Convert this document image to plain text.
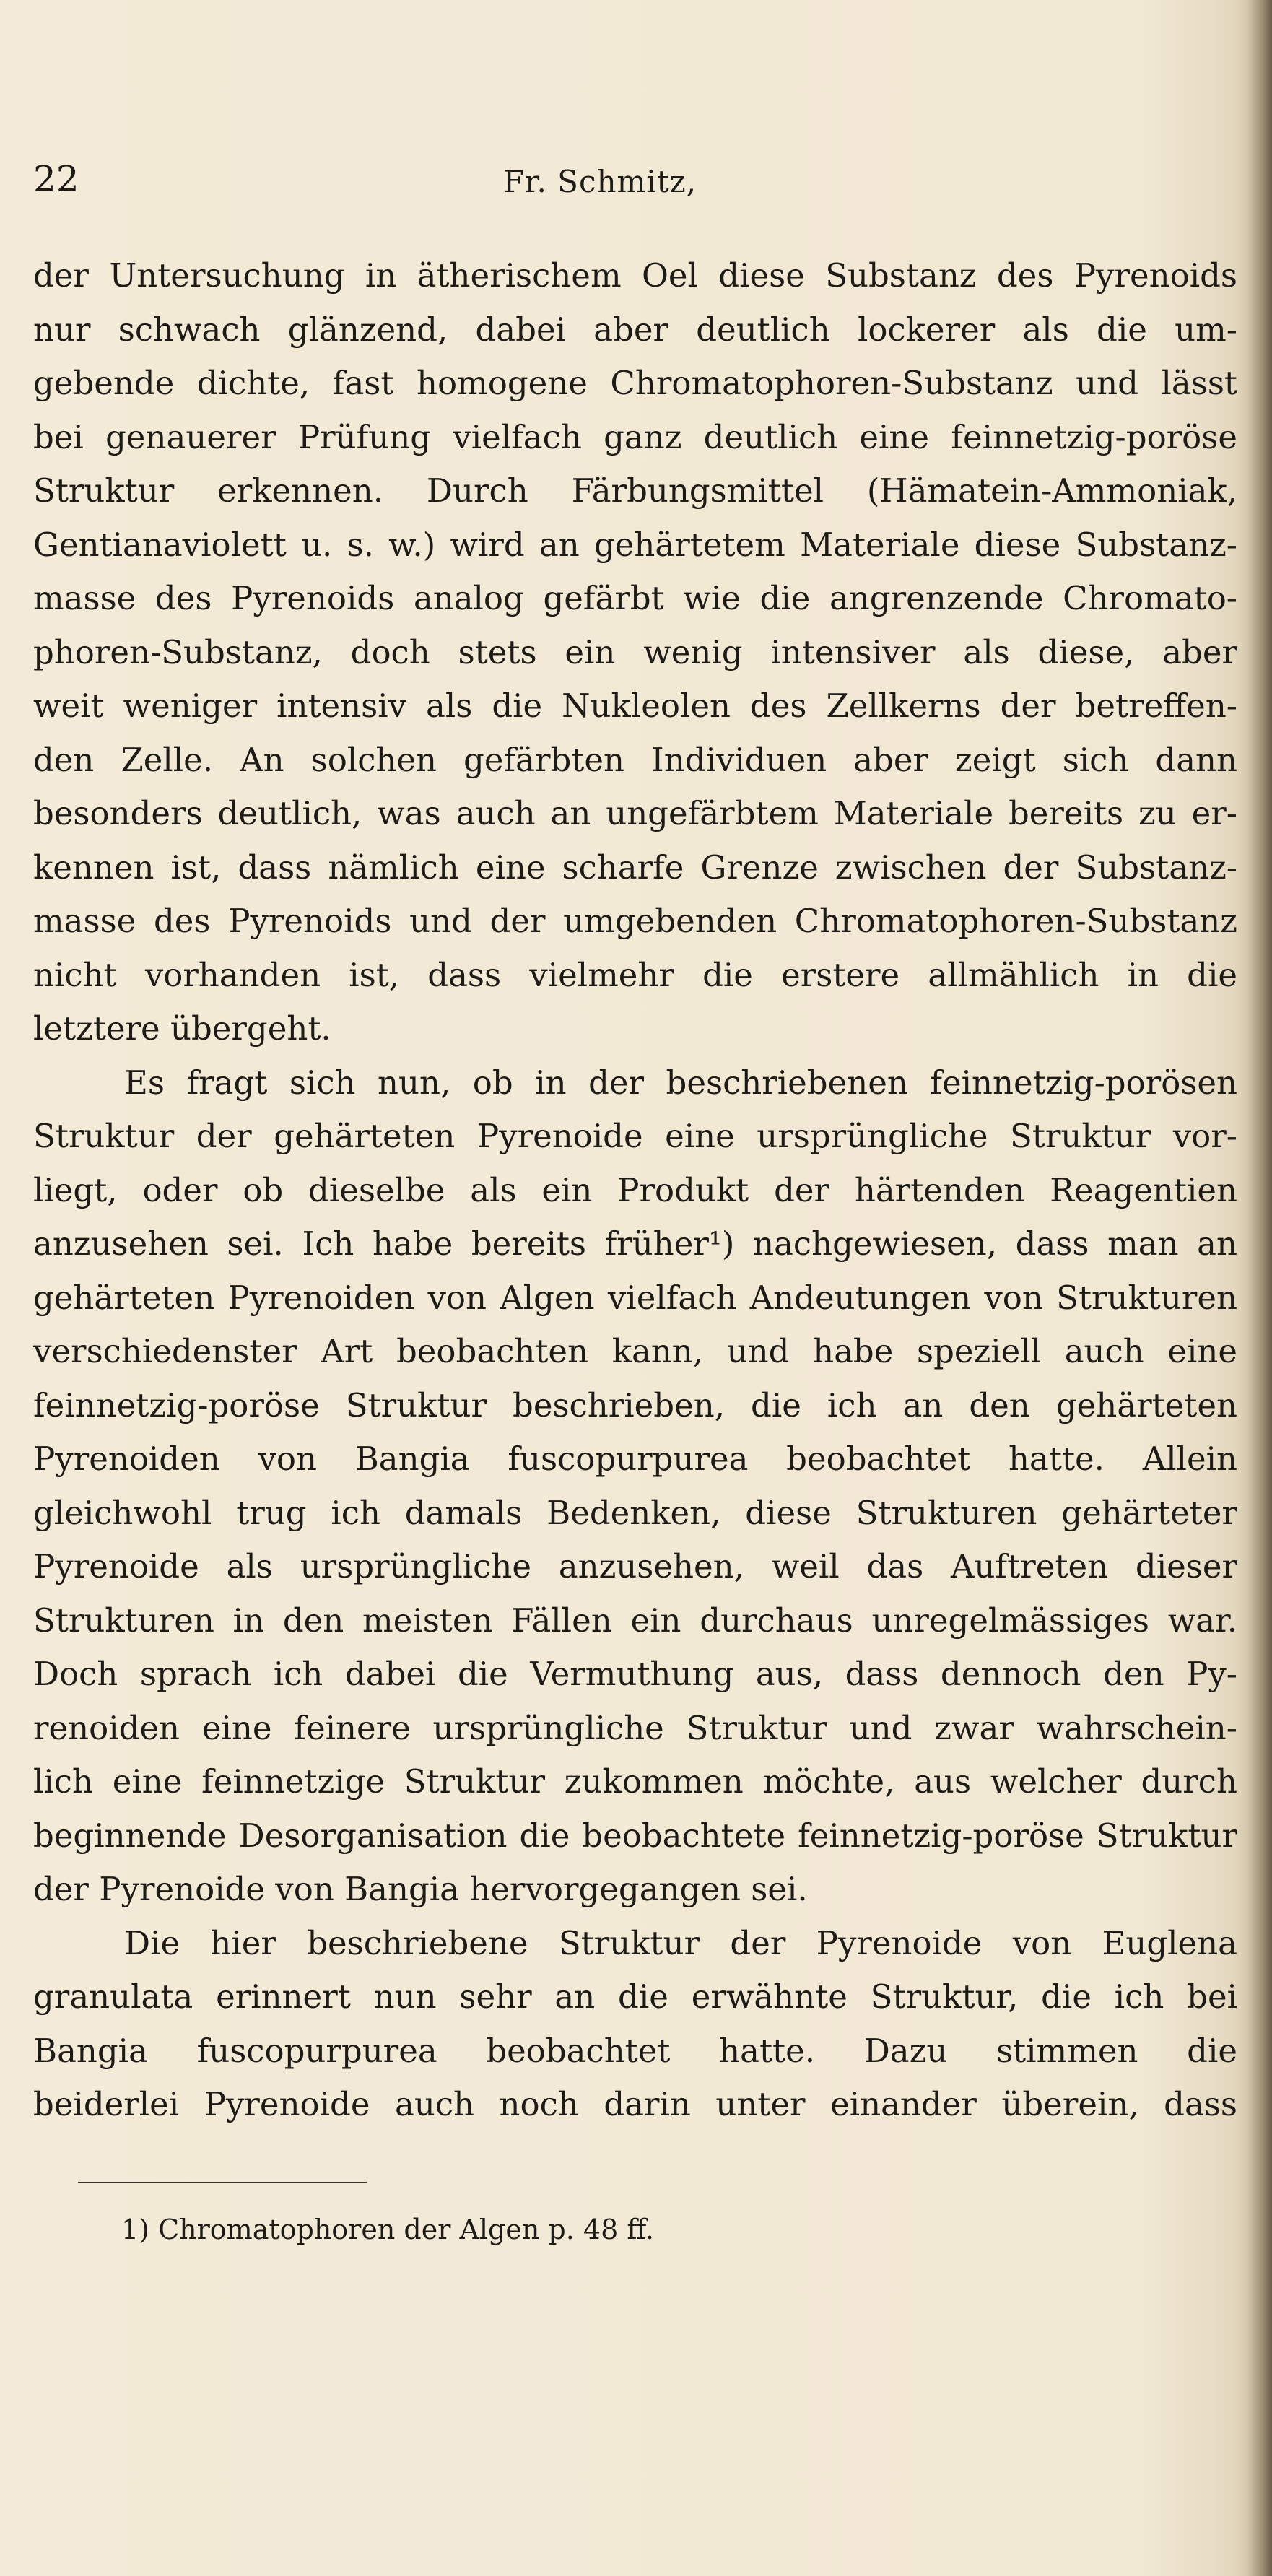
22	Fr. Schmitz,
der Untersuchung in ätherischem Oel diese Substanz des Pyrenoids
nur schwach glänzend, dabei aber deutlich lockerer als die um-
gebende dichte, fast homogene Chromatophoren-Substanz und lässt
bei genauerer Prüfung vielfach ganz deutlich eine feinnetzig-poröse
Struktur erkennen. Durch Färbungsmittel (Hämatein-Ammoniak,
Gentianaviolett u. s. w.) wird an gehärtetem Materiale diese Substanz-
masse des Pyrenoids analog gefärbt wie die angrenzende Chromato-
phoren-Substanz, doch stets ein wenig intensiver als diese, aber
weit weniger intensiv als die Nukleolen des Zellkerns der betreffen-
den Zelle. An solchen gefärbten Individuen aber zeigt sich dann
besonders deutlich, was auch an ungefärbtem Materiale bereits zu er-
kennen ist, dass nämlich eine scharfe Grenze zwischen der Substanz-
masse des Pyrenoids und der umgebenden Chromatophoren-Substanz
nicht vorhanden ist, dass vielmehr die erstere allmählich in die
letztere übergeht.
Es fragt sich nun, ob in der beschriebenen feinnetzig-porösen
Struktur der gehärteten Pyrenoide eine ursprüngliche Struktur vor-
liegt, oder ob dieselbe als ein Produkt der härtenden Reagentien
anzusehen sei. Ich habe bereits früher¹) nachgewiesen, dass man an
gehärteten Pyrenoiden von Algen vielfach Andeutungen von Strukturen
verschiedenster Art beobachten kann, und habe speziell auch eine
feinnetzig-poröse Struktur beschrieben, die ich an den gehärteten
Pyrenoiden von Bangia fuscopurpurea beobachtet hatte. Allein
gleichwohl trug ich damals Bedenken, diese Strukturen gehärteter
Pyrenoide als ursprüngliche anzusehen, weil das Auftreten dieser
Strukturen in den meisten Fällen ein durchaus unregelmässiges war.
Doch sprach ich dabei die Vermuthung aus, dass dennoch den Py-
renoiden eine feinere ursprüngliche Struktur und zwar wahrschein-
lich eine feinnetzige Struktur zukommen möchte, aus welcher durch
beginnende Desorganisation die beobachtete feinnetzig-poröse Struktur
der Pyrenoide von Bangia hervorgegangen sei.
Die hier beschriebene Struktur der Pyrenoide von Euglena
granulata erinnert nun sehr an die erwähnte Struktur, die ich bei
Bangia fuscopurpurea beobachtet hatte. Dazu stimmen die
beiderlei Pyrenoide auch noch darin unter einander überein, dass
1) Chromatophoren der Algen p. 48 ff.
